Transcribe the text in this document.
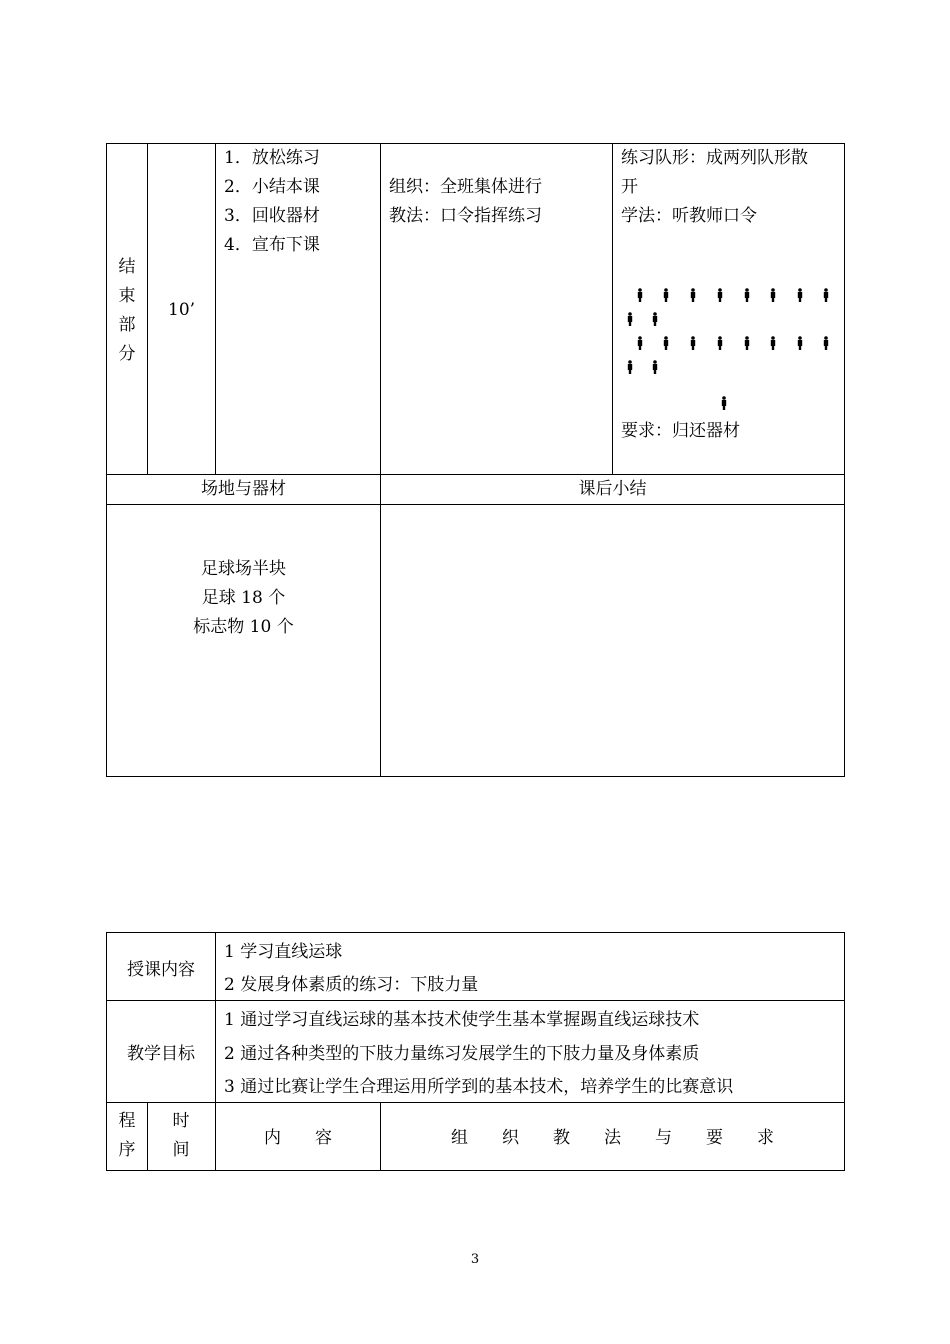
结
束
部
分
10’
1．放松练习
2．小结本课
3．回收器材
4．宣布下课
组织：全班集体进行
教法：口令指挥练习
练习队形：成两列队形散
开
学法：听教师口令
要求：归还器材
场地与器材	课后小结
足球场半块
足球 18 个
标志物 10 个
授课内容
1 学习直线运球
2 发展身体素质的练习：下肢力量
教学目标
1 通过学习直线运球的基本技术使学生基本掌握踢直线运球技术
2 通过各种类型的下肢力量练习发展学生的下肢力量及身体素质
3 通过比赛让学生合理运用所学到的基本技术，培养学生的比赛意识
程
序
时
间
内　　容	组　　织　　教　　法　　与　　要　　求
3
